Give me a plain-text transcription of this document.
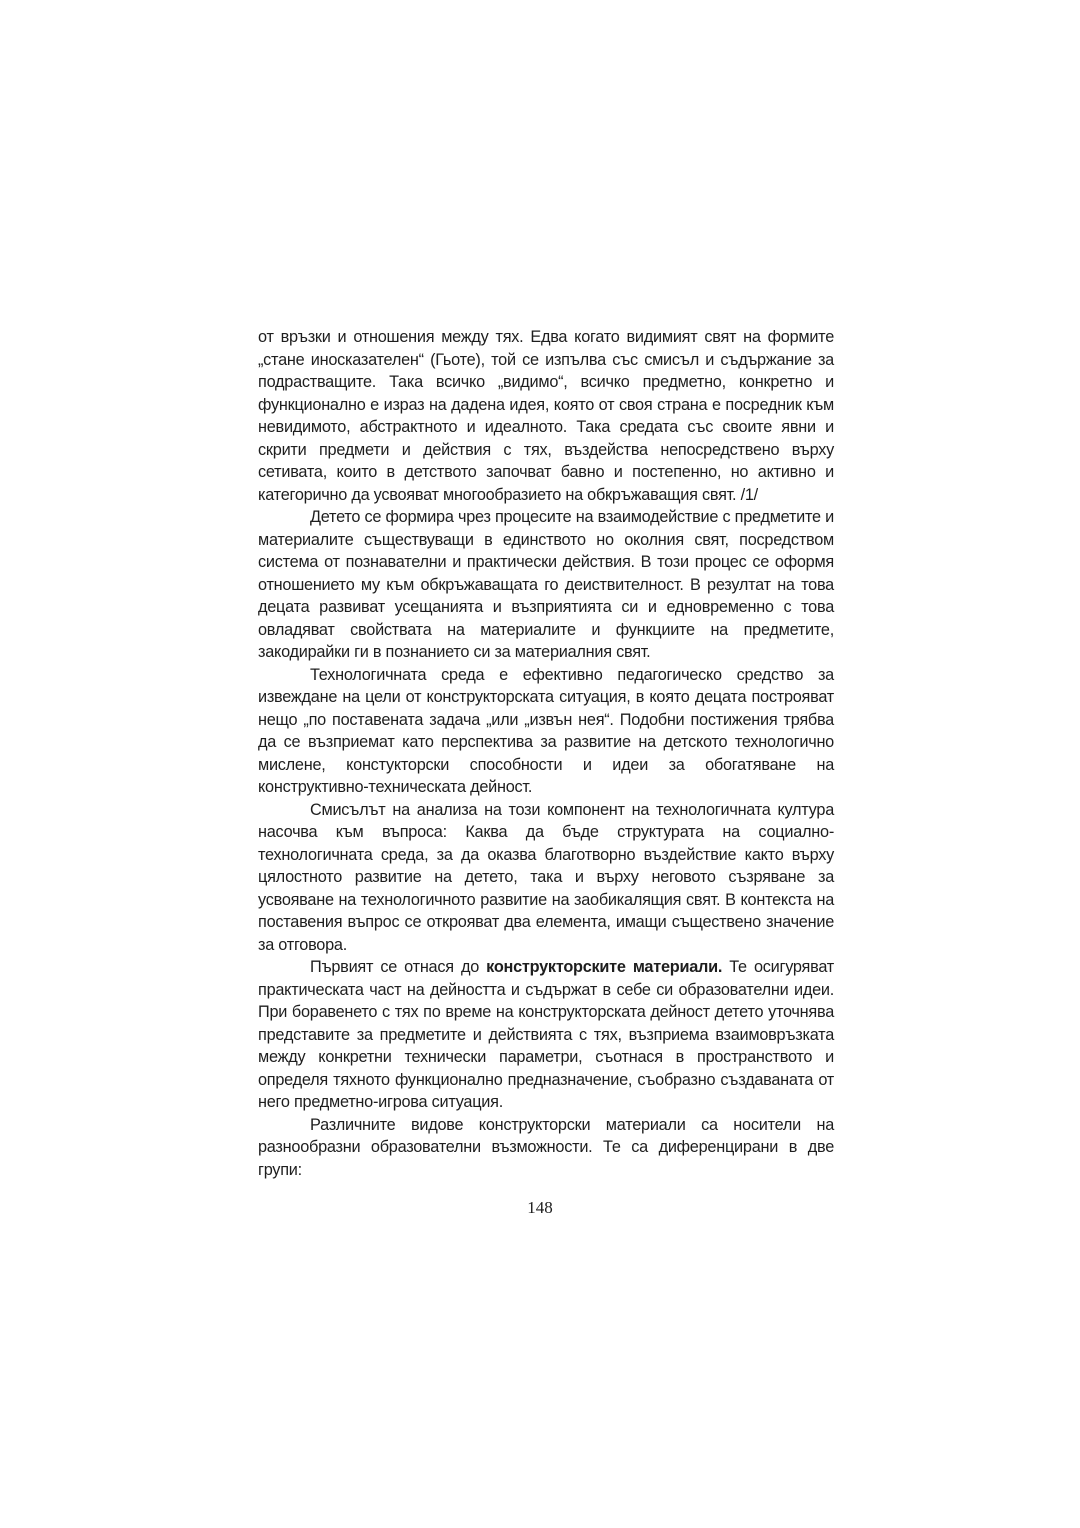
от връзки и отношения между тях. Едва когато видимият свят на формите „стане иносказателен“ (Гьоте), той се изпълва със смисъл и съдържание за подрастващите. Така всичко „видимо“, всичко предметно, конкретно и функционално е израз на дадена идея, която от своя страна е посредник към невидимото, абстрактното и идеалното. Така средата със своите явни и скрити предмети и действия с тях, въздейства непосредствено върху сетивата, които в детството започват бавно и постепенно, но активно и категорично да усвояват многообразието на обкръжаващия свят. /1/

Детето се формира чрез процесите на взаимодействие с предметите и материалите съществуващи в единството но околния свят, посредством система от познавателни и практически действия. В този процес се оформя отношението му към обкръжаващата го деиствителност. В резултат на това децата развиват усещанията и възприятията си и едновременно с това овладяват свойствата на материалите и функциите на предметите, закодирайки ги в познанието си за материалния свят.

Технологичната среда е ефективно педагогическо средство за извеждане на цели от конструкторската ситуация, в която децата построяват нещо „по поставената задача „или „извън нея“. Подобни постижения трябва да се възприемат като перспектива за развитие на детското технологично мислене, констукторски способности и идеи за обогатяване на конструктивно-техническата дейност.

Смисълът на анализа на този компонент на технологичната култура насочва към въпроса: Каква да бъде структурата на социално-технологичната среда, за да оказва благотворно въздействие както върху цялостното развитие на детето, така и върху неговото съзряване за усвояване на технологичното развитие на заобикалящия свят. В контекста на поставения въпрос се открояват два елемента, имащи съществено значение за отговора.

Първият се отнася до конструкторските материали. Те осигуряват практическата част на дейността и съдържат в себе си образователни идеи. При боравенето с тях по време на конструкторската дейност детето уточнява представите за предметите и действията с тях, възприема взаимовръзката между конкретни технически параметри, съотнася в пространството и определя тяхното функционално предназначение, съобразно създаваната от него предметно-игрова ситуация.

Различните видове конструкторски материали са носители на разнообразни образователни възможности. Те са диференцирани в две групи:

148
